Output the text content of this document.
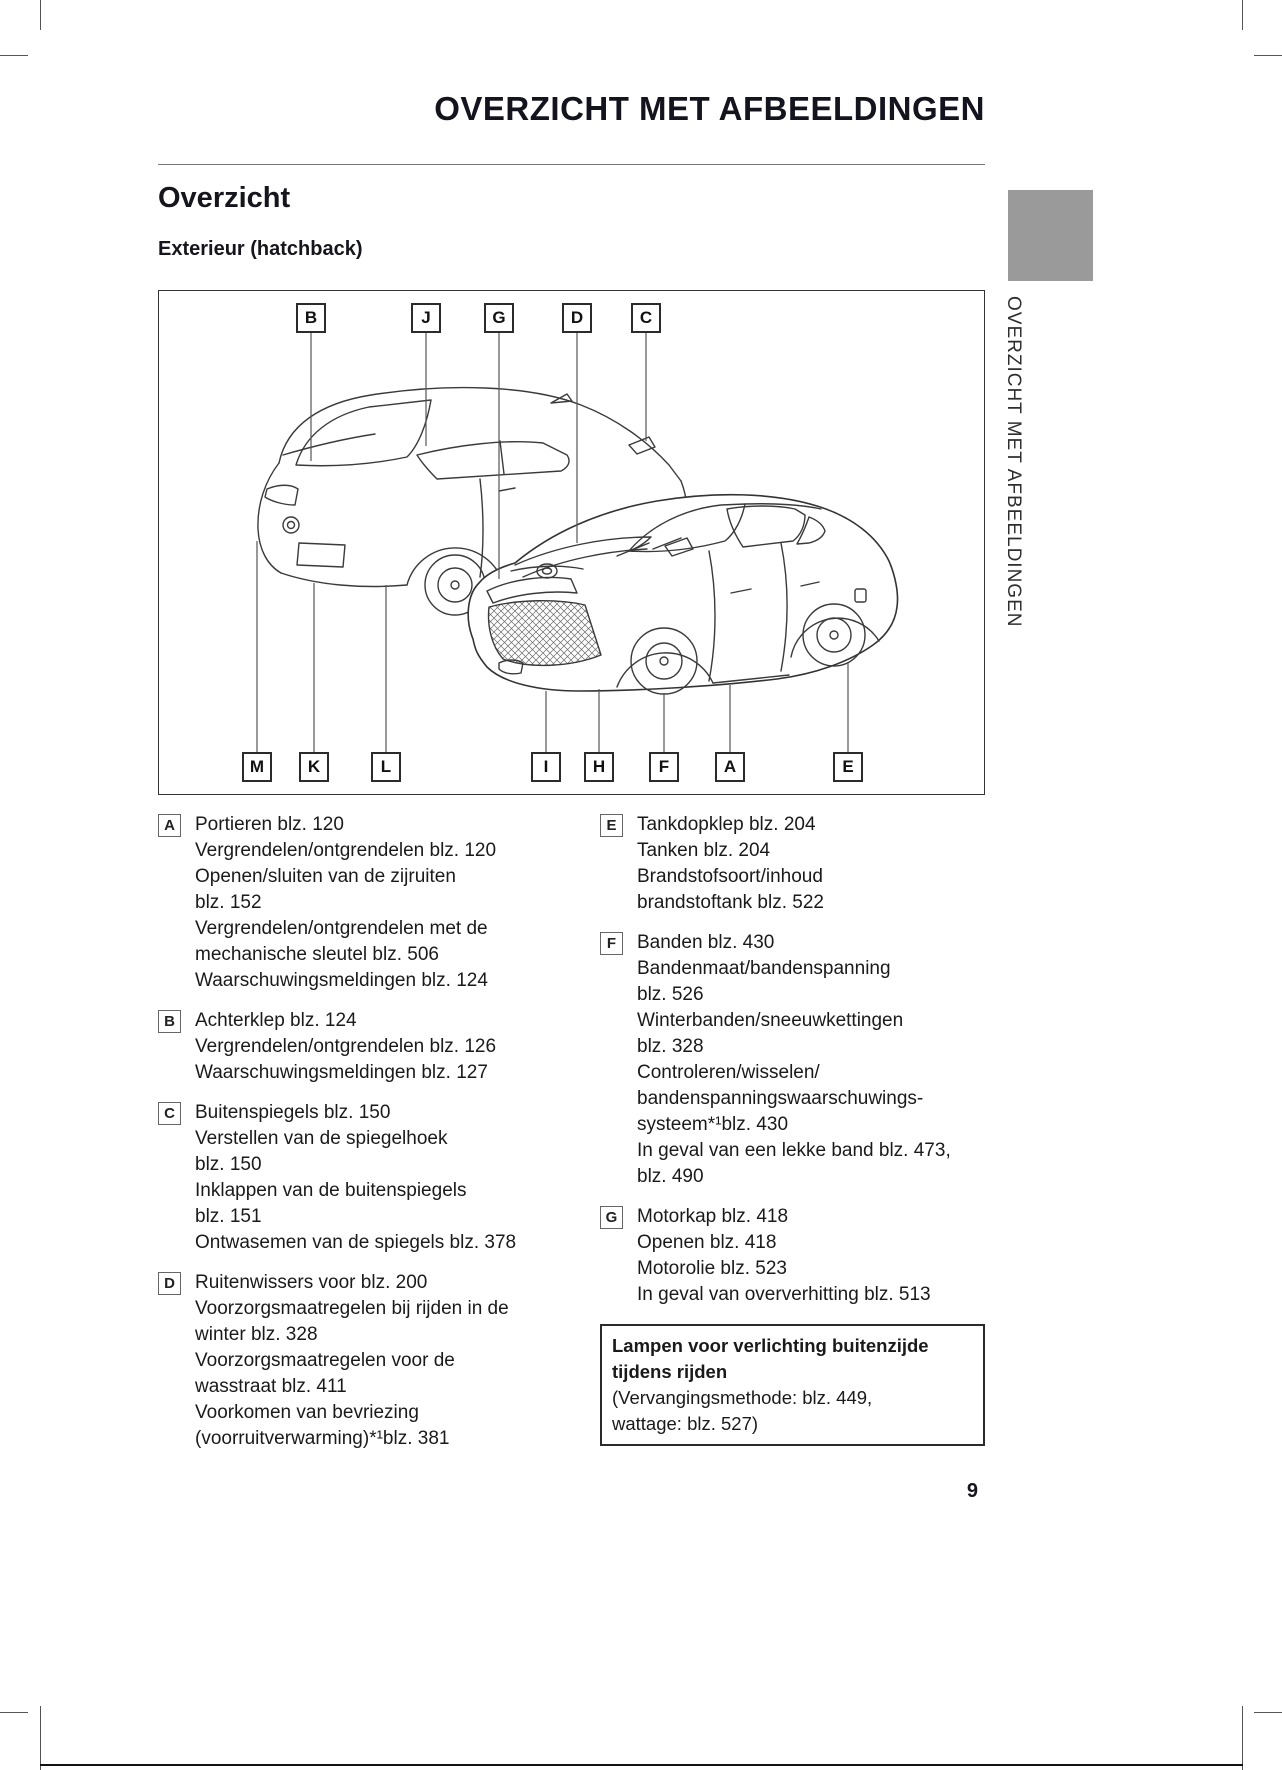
OVERZICHT MET AFBEELDINGEN
Overzicht
Exterieur (hatchback)
B	J	G	D	C
M	K	L	I	H	F	A	E
A	Portieren blz. 120
Vergrendelen/ontgrendelen blz. 120
Openen/sluiten van de zijruiten
blz. 152
Vergrendelen/ontgrendelen met de
mechanische sleutel blz. 506
Waarschuwingsmeldingen blz. 124
B	Achterklep blz. 124
Vergrendelen/ontgrendelen blz. 126
Waarschuwingsmeldingen blz. 127
C	Buitenspiegels blz. 150
Verstellen van de spiegelhoek
blz. 150
Inklappen van de buitenspiegels
blz. 151
Ontwasemen van de spiegels blz. 378
D	Ruitenwissers voor blz. 200
Voorzorgsmaatregelen bij rijden in de
winter blz. 328
Voorzorgsmaatregelen voor de
wasstraat blz. 411
Voorkomen van bevriezing
(voorruitverwarming)*¹blz. 381
E	Tankdopklep blz. 204
Tanken blz. 204
Brandstofsoort/inhoud
brandstoftank blz. 522
F	Banden blz. 430
Bandenmaat/bandenspanning
blz. 526
Winterbanden/sneeuwkettingen
blz. 328
Controleren/wisselen/
bandenspanningswaarschuwings-
systeem*¹blz. 430
In geval van een lekke band blz. 473,
blz. 490
G Motorkap blz. 418
Openen blz. 418
Motorolie blz. 523
In geval van oververhitting blz. 513
Lampen voor verlichting buitenzijde
tijdens rijden
(Vervangingsmethode: blz. 449,
wattage: blz. 527)
OVERZICHT MET AFBEELDINGEN
9
